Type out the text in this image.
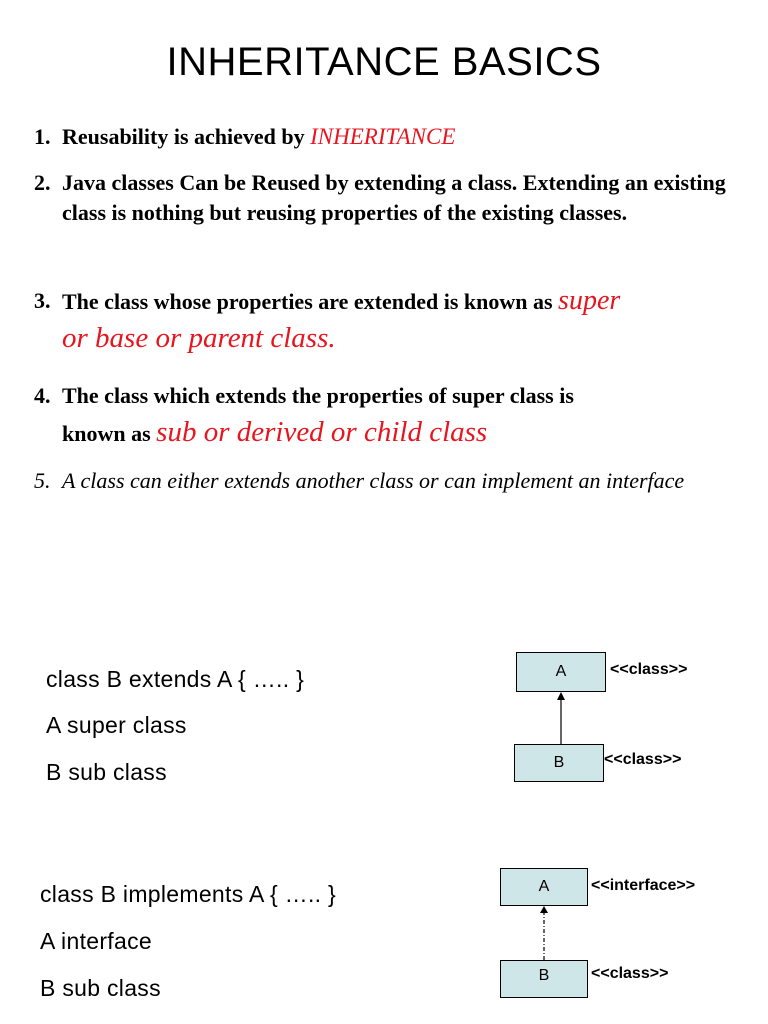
INHERITANCE BASICS
1. Reusability is achieved by INHERITANCE
2. Java classes Can be Reused by extending a class. Extending an existing class is nothing but reusing properties of the existing classes.
3. The class whose properties are extended is known as super
or base or parent class.
4. The class which extends the properties of super class is
known as sub or derived or child class
5. A class can either extends another class or can implement an interface
class B extends A { ….. }
A super class
B sub class
A	<<class>>
B	<<class>>
class B implements A { ….. }
A interface
B sub class
A	<<interface>>
B	<<class>>
